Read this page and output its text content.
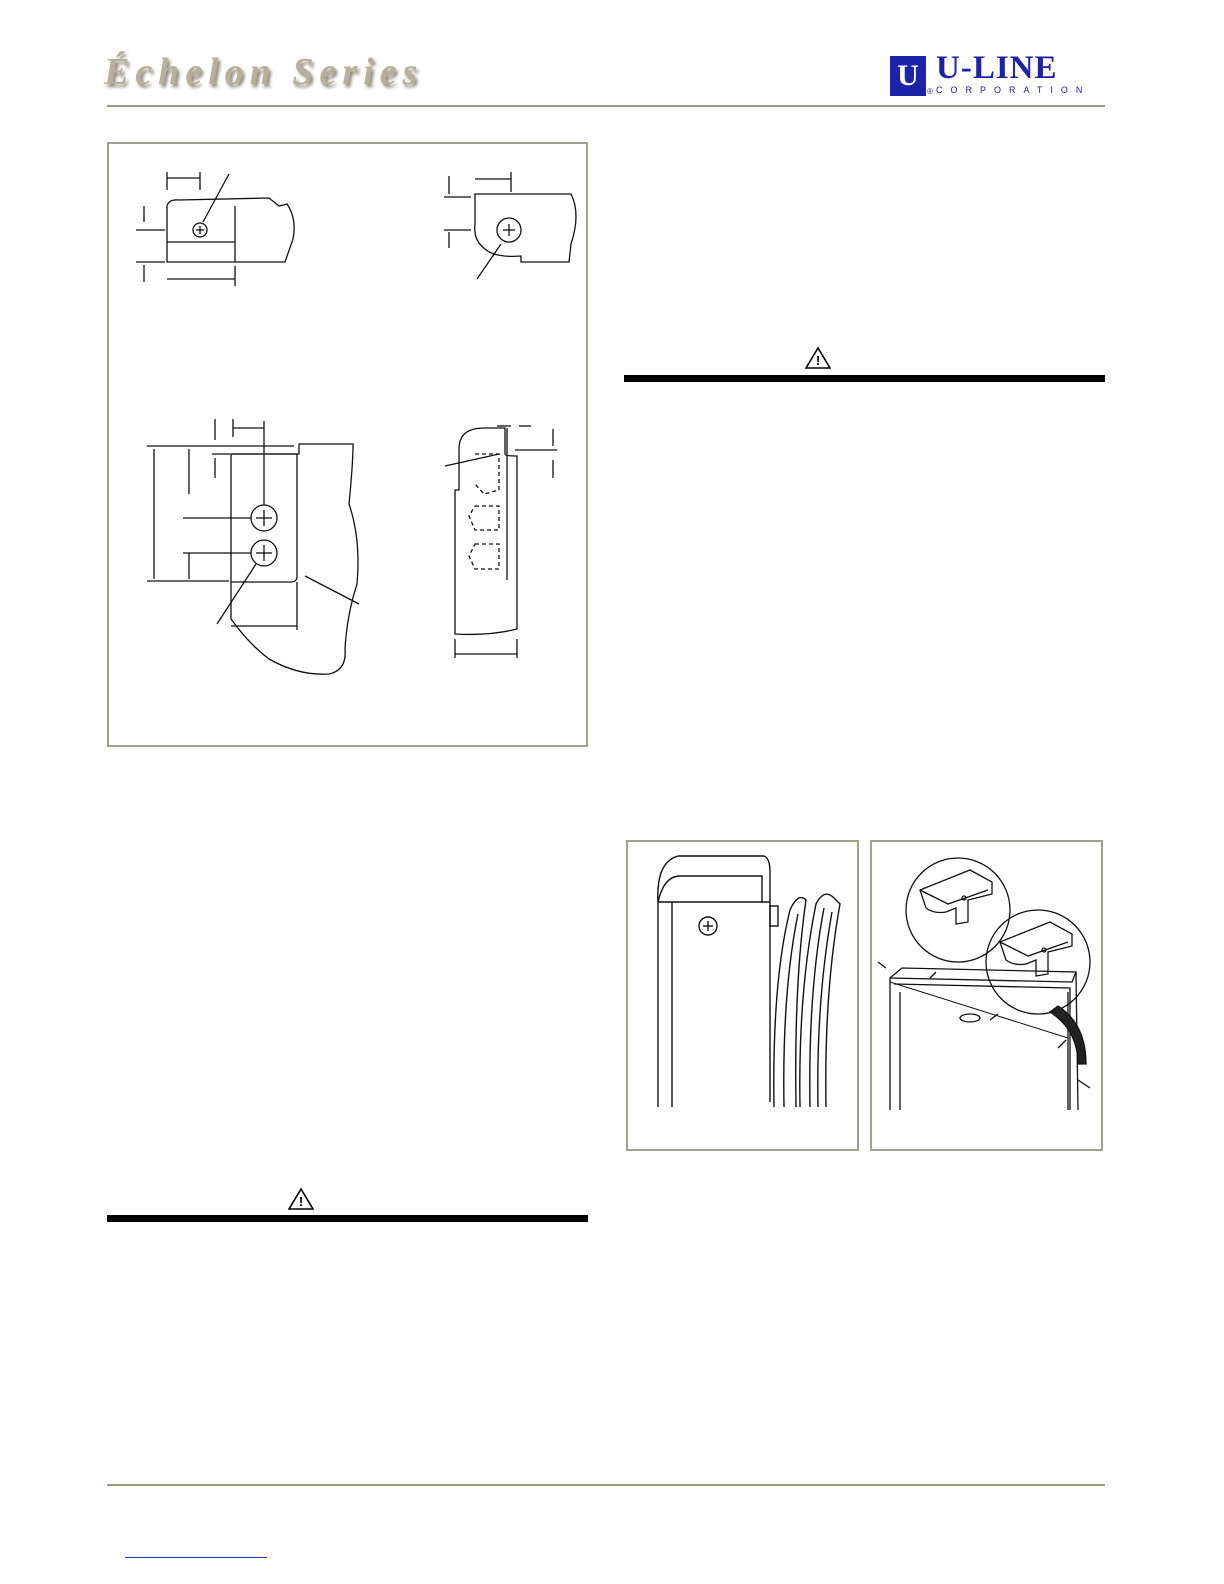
Échelon Series	U U-LINE
® CORPORATION
!
!
